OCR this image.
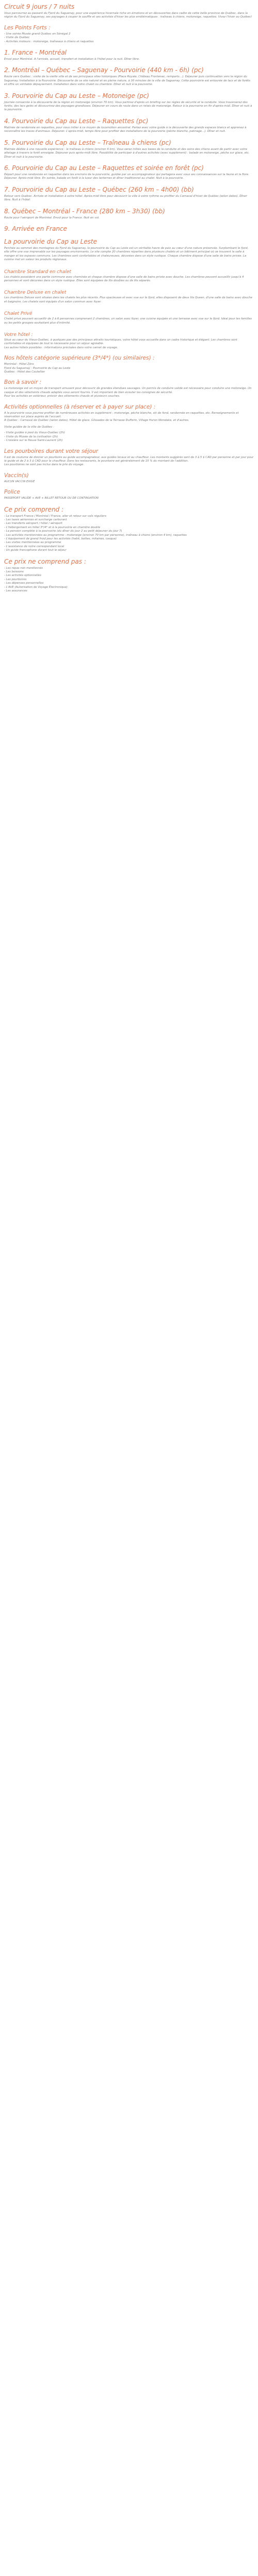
Circuit 9 jours / 7 nuits
Vous parcourrez au passant du Fjord du Saguenay, pour une expérience hivernale riche en émotions et en découvertes dans cadre de cette belle province de Québec, dans la région du Fjord du Saguenay, ses paysages à couper le souffle et ses activités d'hiver les plus emblématiques : traîneau à chiens, motoneige, raquettes. Vivez l'hiver au Québec!
Les Points Forts :
- Une soirée Musée grand Québec en Sénégal 2
- Visite de Québec
- Activités moteurs : motoneige, traîneaux à chiens et raquettes
1. France - Montréal
Envol pour Montréal. A l'arrivée, accueil, transfert et installation à l'hôtel pour la nuit. Dîner libre.
2. Montréal – Québec – Saguenay - Pourvoirie (440 km - 6h) (pc)
Route vers Québec : visite de la vieille ville et de ses principaux sites historiques (Place Royale, Château Frontenac, remparts…). Déjeuner puis continuation vers la région du Saguenay. Installation à la Pourvoirie. Découverte de ce site naturel et en pleine nature, à 30 minutes de la ville de Saguenay. Cette pourvoirie est entourée de lacs et de forêts et offre un véritable dépaysement. Installation dans votre chalet ou chambre. Dîner et nuit à la pourvoirie.
3. Pourvoirie du Cap au Leste – Motoneige (pc)
Journée consacrée à la découverte de la région en motoneige (environ 70 km). Vous partirez d'après un briefing sur les règles de sécurité et la conduite. Vous traverserez des forêts, des lacs gelés et découvrirez des paysages grandioses. Déjeuner en cours de route dans un relais de motoneige. Retour à la pourvoirie en fin d'après-midi. Dîner et nuit à la pourvoirie.
4. Pourvoirie du Cap au Leste – Raquettes (pc)
Matinée de randonnée en raquettes, pour vous initier à ce moyen de locomotion ancestral. Partez avec votre guide à la découverte des grands espaces blancs et apprenez à reconnaître les traces d'animaux. Déjeuner. L'après-midi, temps libre pour profiter des installations de la pourvoirie (pêche blanche, patinage…). Dîner et nuit.
5. Pourvoirie du Cap au Leste – Traîneau à chiens (pc)
Matinée dédiée à une nouvelle expérience : le traîneau à chiens (environ 4 km). Vous serez initiés aux bases de la conduite et des soins des chiens avant de partir avec votre attelage à travers la forêt enneigée. Déjeuner puis après-midi libre. Possibilité de participer à d'autres activités (avec supplément) : balade en motoneige, pêche sur glace, etc. Dîner et nuit à la pourvoirie.
6. Pourvoirie du Cap au Leste – Raquettes et soirée en forêt (pc)
Départ pour une randonnée en raquettes dans les environs de la pourvoirie, guidée par un accompagnateur qui partagera avec vous ses connaissances sur la faune et la flore. Déjeuner. Après-midi libre. En soirée, balade en forêt à la lueur des lanternes et dîner traditionnel au chalet. Nuit à la pourvoirie.
7. Pourvoirie du Cap au Leste – Québec (260 km – 4h00) (bb)
Retour vers Québec. Arrivée et installation à votre hôtel. Après-midi libre pour découvrir la ville à votre rythme ou profiter du Carnaval d'hiver de Québec (selon dates). Dîner libre. Nuit à l'hôtel.
8. Québec – Montréal - France (280 km – 3h30) (bb)
Route pour l'aéroport de Montréal. Envol pour la France. Nuit en vol.
9. Arrivée en France
La pourvoirie du Cap au Leste
Perchée au sommet des montagnes du Fjord du Saguenay, la pourvoirie du Cap au Leste est un véritable havre de paix au cœur d'une nature préservée. Surplombant le fjord, elle offre une vue imprenable sur les paysages environnants. Le site compte 20 chambres réparties dans plusieurs chalets et un bâtiment principal où se trouvent la salle à manger et les espaces communs. Les chambres sont confortables et chaleureuses, décorées dans un style rustique. Chaque chambre dispose d'une salle de bains privée. La cuisine met en valeur les produits régionaux.
Chambre Standard en chalet
Les chalets possèdent une partie commune avec cheminée et chaque chambre dispose d'une salle de bains privée avec douche. Les chambres peuvent accueillir jusqu'à 4 personnes et sont décorées dans un style rustique. Elles sont équipées de lits doubles ou de lits séparés.
Chambre Deluxe en chalet
Les chambres Deluxe sont situées dans les chalets les plus récents. Plus spacieuses et avec vue sur le fjord, elles disposent de deux lits Queen, d'une salle de bains avec douche et baignoire. Les chalets sont équipés d'un salon commun avec foyer.
Chalet Privé
Chalet privé pouvant accueillir de 2 à 6 personnes comprenant 2 chambres, un salon avec foyer, une cuisine équipée et une terrasse avec vue sur le fjord. Idéal pour les familles ou les petits groupes souhaitant plus d'intimité.
Votre hôtel :
Situé au cœur du Vieux-Québec, à quelques pas des principaux attraits touristiques, votre hôtel vous accueille dans un cadre historique et élégant. Les chambres sont confortables et équipées de tout le nécessaire pour un séjour agréable.
Les autres hôtels possibles : informations précisées dans votre carnet de voyage.
Nos hôtels catégorie supérieure (3*/4*) (ou similaires) :
Montréal : Hôtel Zéro
Fjord du Saguenay : Pourvoirie du Cap au Leste
Québec : Hôtel des Coutellier
Bon à savoir :
La motoneige est un moyen de transport amusant pour découvrir de grandes étendues sauvages. Un permis de conduire valide est nécessaire pour conduire une motoneige. Un casque et des vêtements chauds adaptés vous seront fournis. Il est important de bien écouter les consignes de sécurité.
Pour les activités en extérieur, prévoir des vêtements chauds et plusieurs couches.
Activités optionnelles (à réserver et à payer sur place) :
A la pourvoirie vous pourrez profiter de nombreuses activités en supplément : motoneige, pêche blanche, ski de fond, randonnée en raquettes, etc. Renseignements et réservation sur place auprès de l'accueil.
A Québec : Carnaval de Québec (selon dates), Hôtel de glace, Glissades de la Terrasse Dufferin, Village Huron Wendake, et d'autres.
Visite guidée de la ville de Québec :
- Visite guidée à pied du Vieux-Québec (2h)
- Visite du Musée de la civilisation (2h)
- Croisière sur le fleuve Saint-Laurent (2h)
Les pourboires durant votre séjour
Il est de coutume de donner un pourboire au guide accompagnateur, aux guides locaux et au chauffeur. Les montants suggérés sont de 3 à 5 $ CAD par personne et par jour pour le guide et de 2 à 3 $ CAD pour le chauffeur. Dans les restaurants, le pourboire est généralement de 15 % du montant de l'addition.
Les pourboires ne sont pas inclus dans le prix du voyage.
Vaccin(s)
AUCUN VACCIN EXIGÉ
Police
PASSEPORT VALIDE + AVE + BILLET RETOUR OU DE CONTINUATION
Ce prix comprend :
- Le transport France / Montréal / France, aller et retour sur vols réguliers
- Les taxes aériennes et surcharge carburant
- Les transferts aéroport / hôtel / aéroport
- L'hébergement en hôtel 3*/4* et à la pourvoirie en chambre double
- La pension complète à la pourvoirie (du dîner du jour 2 au petit déjeuner du jour 7)
- Les activités mentionnées au programme : motoneige (environ 70 km par personne), traîneau à chiens (environ 4 km), raquettes
- L'équipement de grand froid pour les activités (habit, bottes, mitaines, casque)
- Les visites mentionnées au programme
- L'assistance de notre correspondant local
- Un guide francophone durant tout le séjour
Ce prix ne comprend pas :
- Les repas non mentionnés
- Les boissons
- Les activités optionnelles
- Les pourboires
- Les dépenses personnelles
- L'AVE (Autorisation de Voyage Électronique)
- Les assurances
